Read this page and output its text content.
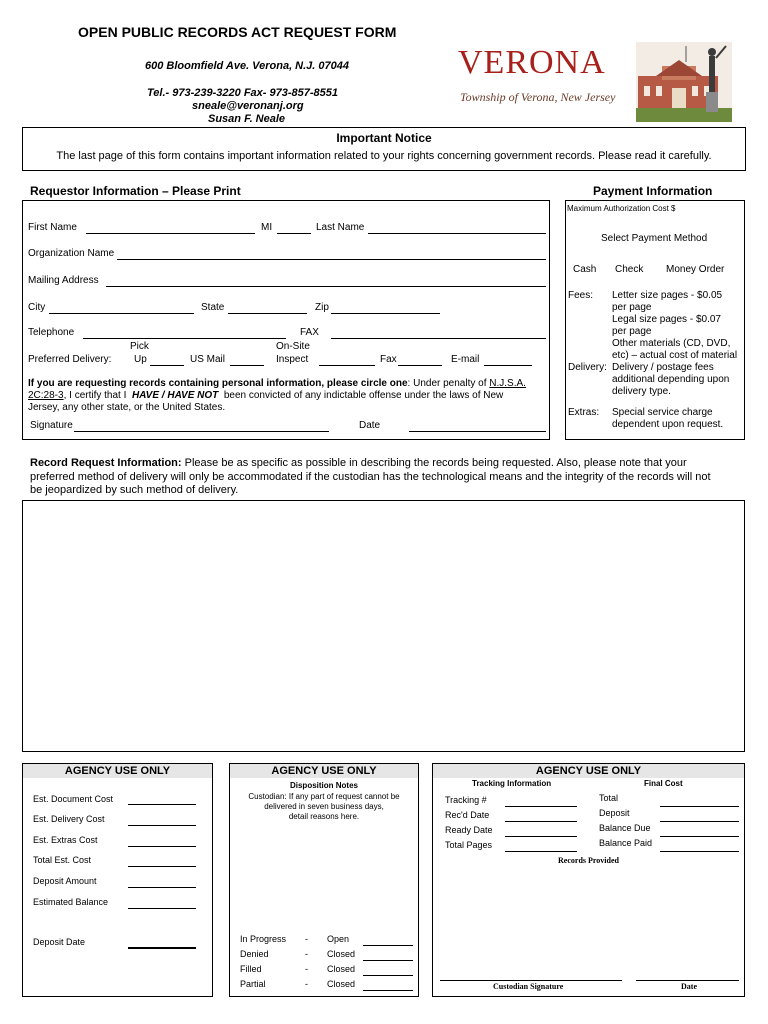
OPEN PUBLIC RECORDS ACT REQUEST FORM
600 Bloomfield Ave. Verona, N.J. 07044
Tel.- 973-239-3220 Fax- 973-857-8551
sneale@veronanj.org
Susan F. Neale
VERONA
Township of Verona, New Jersey
Important Notice
The last page of this form contains important information related to your rights concerning government records. Please read it carefully.
Requestor Information – Please Print	Payment Information
First Name	MI	Last Name
Organization Name
Mailing Address
City	State	Zip
Telephone	FAX
Pick	On-Site
Preferred Delivery: Up	US Mail	Inspect	Fax	E-mail
If you are requesting records containing personal information, please circle one: Under penalty of N.J.S.A.
2C:28-3, I certify that I HAVE / HAVE NOT been convicted of any indictable offense under the laws of New
Jersey, any other state, or the United States.
Signature	Date
Maximum Authorization Cost $
Select Payment Method
Cash Check Money Order
Fees: Letter size pages - $0.05
per page
Legal size pages - $0.07
per page
Other materials (CD, DVD,
etc) – actual cost of material
Delivery: Delivery / postage fees
additional depending upon
delivery type.
Extras: Special service charge
dependent upon request.
Record Request Information: Please be as specific as possible in describing the records being requested. Also, please note that your
preferred method of delivery will only be accommodated if the custodian has the technological means and the integrity of the records will not
be jeopardized by such method of delivery.
AGENCY USE ONLY
Est. Document Cost
Est. Delivery Cost
Est. Extras Cost
Total Est. Cost
Deposit Amount
Estimated Balance
Deposit Date
AGENCY USE ONLY
Disposition Notes
Custodian: If any part of request cannot be
delivered in seven business days,
detail reasons here.
In Progress - Open
Denied	- Closed
Filled	- Closed
Partial	- Closed
AGENCY USE ONLY
Tracking Information	Final Cost
Tracking #
Rec'd Date
Ready Date
Total Pages
Total
Deposit
Balance Due
Balance Paid
Records Provided
Custodian Signature	Date
